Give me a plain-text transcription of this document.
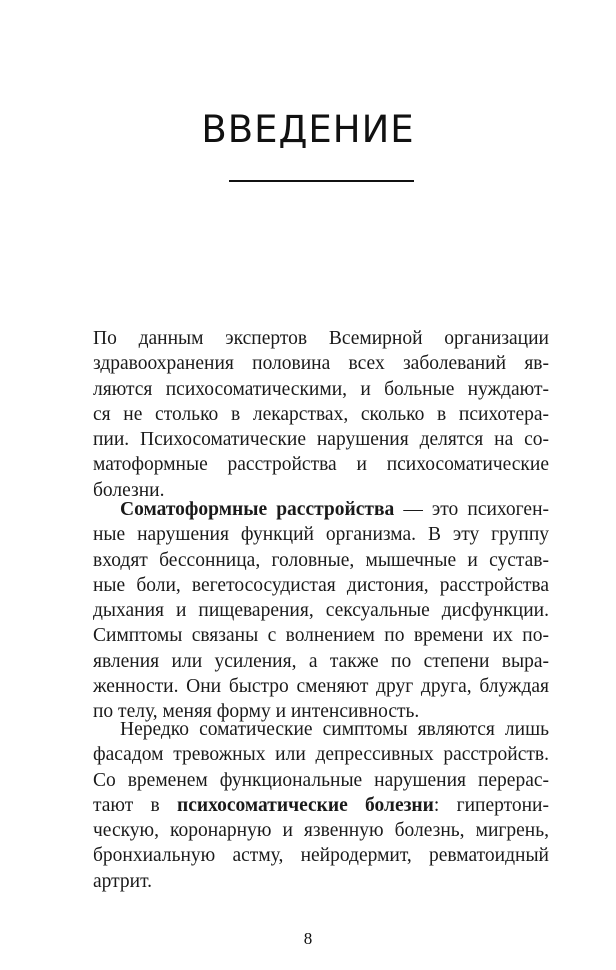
ВВЕДЕНИЕ
По данным экспертов Всемирной организации
здравоохранения половина всех заболеваний яв-
ляются психосоматическими, и больные нуждают-
ся не столько в лекарствах, сколько в психотера-
пии. Психосоматические нарушения делятся на со-
матоформные расстройства и психосоматические
болезни.
Соматоформные расстройства — это психоген-
ные нарушения функций организма. В эту группу
входят бессонница, головные, мышечные и сустав-
ные боли, вегетососудистая дистония, расстройства
дыхания и пищеварения, сексуальные дисфункции.
Симптомы связаны с волнением по времени их по-
явления или усиления, а также по степени выра-
женности. Они быстро сменяют друг друга, блуждая
по телу, меняя форму и интенсивность.
Нередко соматические симптомы являются лишь
фасадом тревожных или депрессивных расстройств.
Со временем функциональные нарушения перерас-
тают в психосоматические болезни: гипертони-
ческую, коронарную и язвенную болезнь, мигрень,
бронхиальную астму, нейродермит, ревматоидный
артрит.
8
